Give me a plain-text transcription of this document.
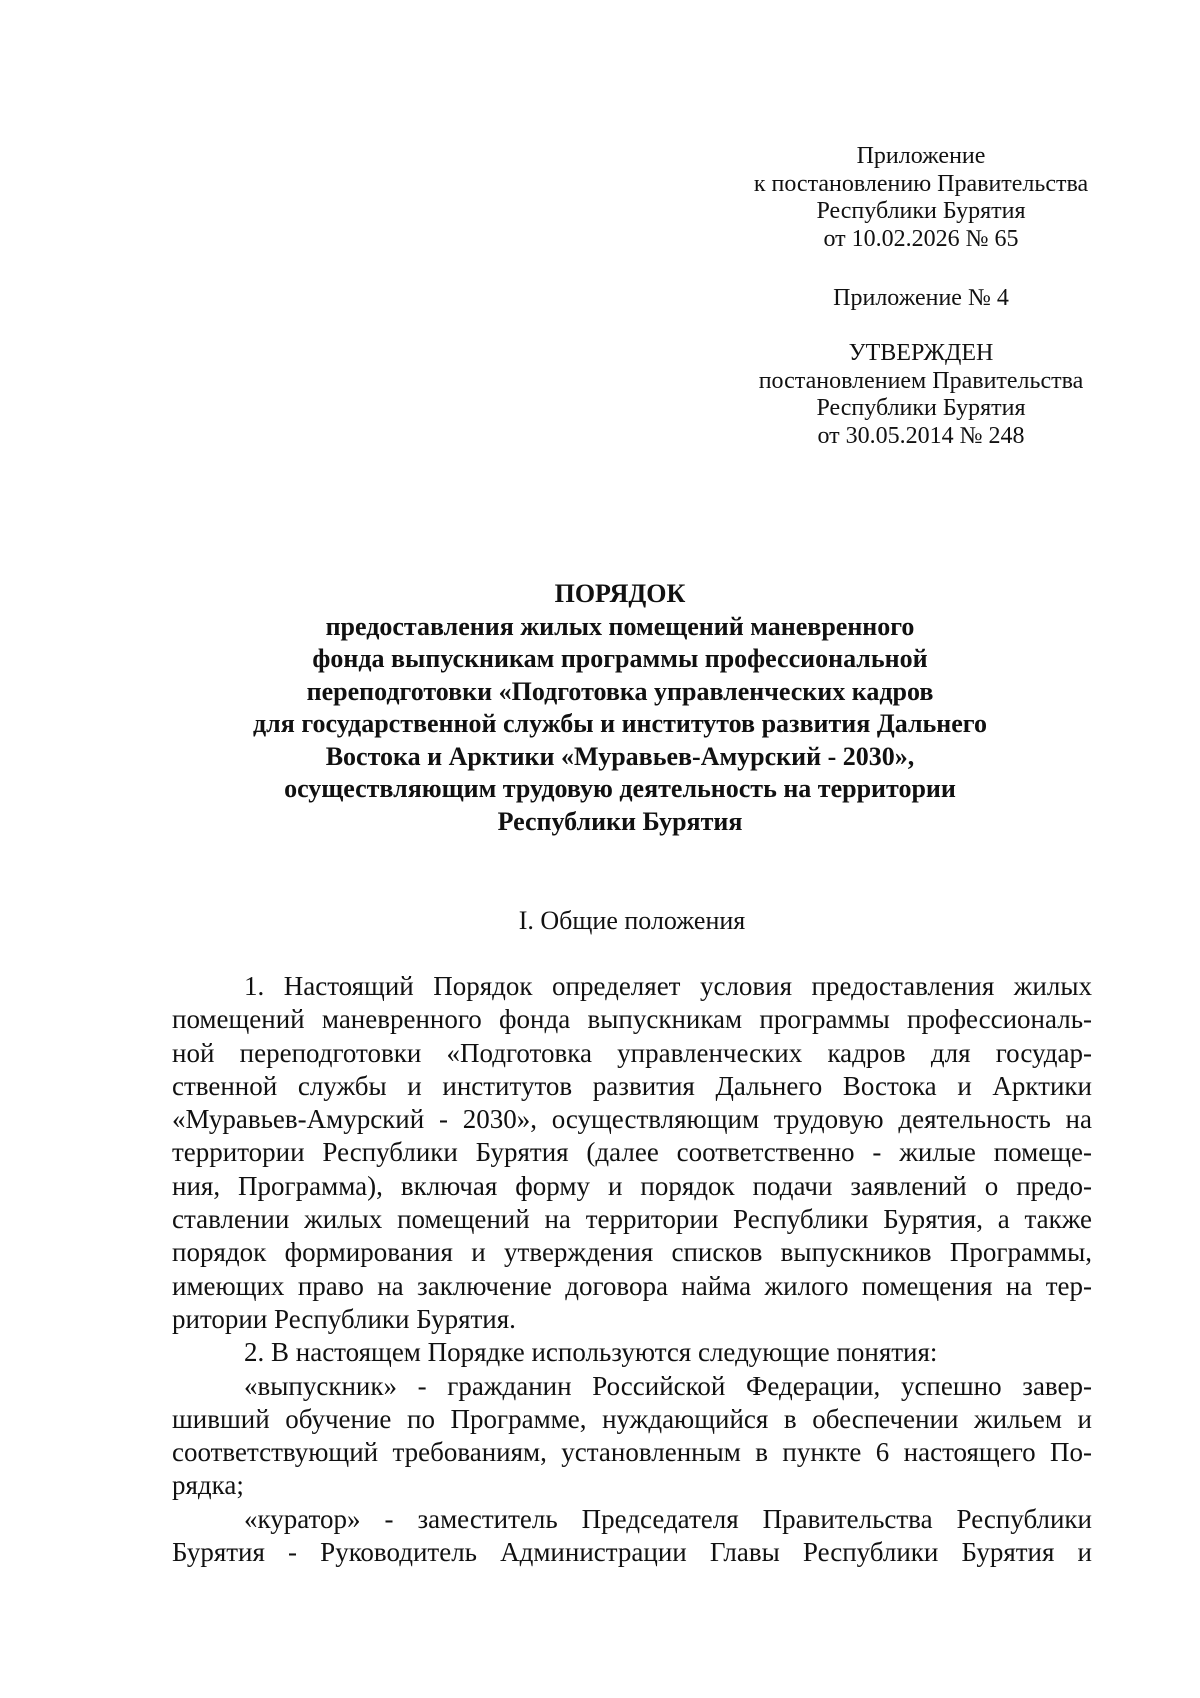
Приложение
к постановлению Правительства
Республики Бурятия
от 10.02.2026 № 65
Приложение № 4
УТВЕРЖДЕН
постановлением Правительства
Республики Бурятия
от 30.05.2014 № 248
ПОРЯДОК
предоставления жилых помещений маневренного
фонда выпускникам программы профессиональной
переподготовки «Подготовка управленческих кадров
для государственной службы и институтов развития Дальнего
Востока и Арктики «Муравьев-Амурский - 2030»,
осуществляющим трудовую деятельность на территории
Республики Бурятия
I. Общие положения
1. Настоящий Порядок определяет условия предоставления жилых
помещений маневренного фонда выпускникам программы профессиональ-
ной переподготовки «Подготовка управленческих кадров для государ-
ственной службы и институтов развития Дальнего Востока и Арктики
«Муравьев-Амурский - 2030», осуществляющим трудовую деятельность на
территории Республики Бурятия (далее соответственно - жилые помеще-
ния, Программа), включая форму и порядок подачи заявлений о предо-
ставлении жилых помещений на территории Республики Бурятия, а также
порядок формирования и утверждения списков выпускников Программы,
имеющих право на заключение договора найма жилого помещения на тер-
ритории Республики Бурятия.
2. В настоящем Порядке используются следующие понятия:
«выпускник» - гражданин Российской Федерации, успешно завер-
шивший обучение по Программе, нуждающийся в обеспечении жильем и
соответствующий требованиям, установленным в пункте 6 настоящего По-
рядка;
«куратор» - заместитель Председателя Правительства Республики
Бурятия - Руководитель Администрации Главы Республики Бурятия и
